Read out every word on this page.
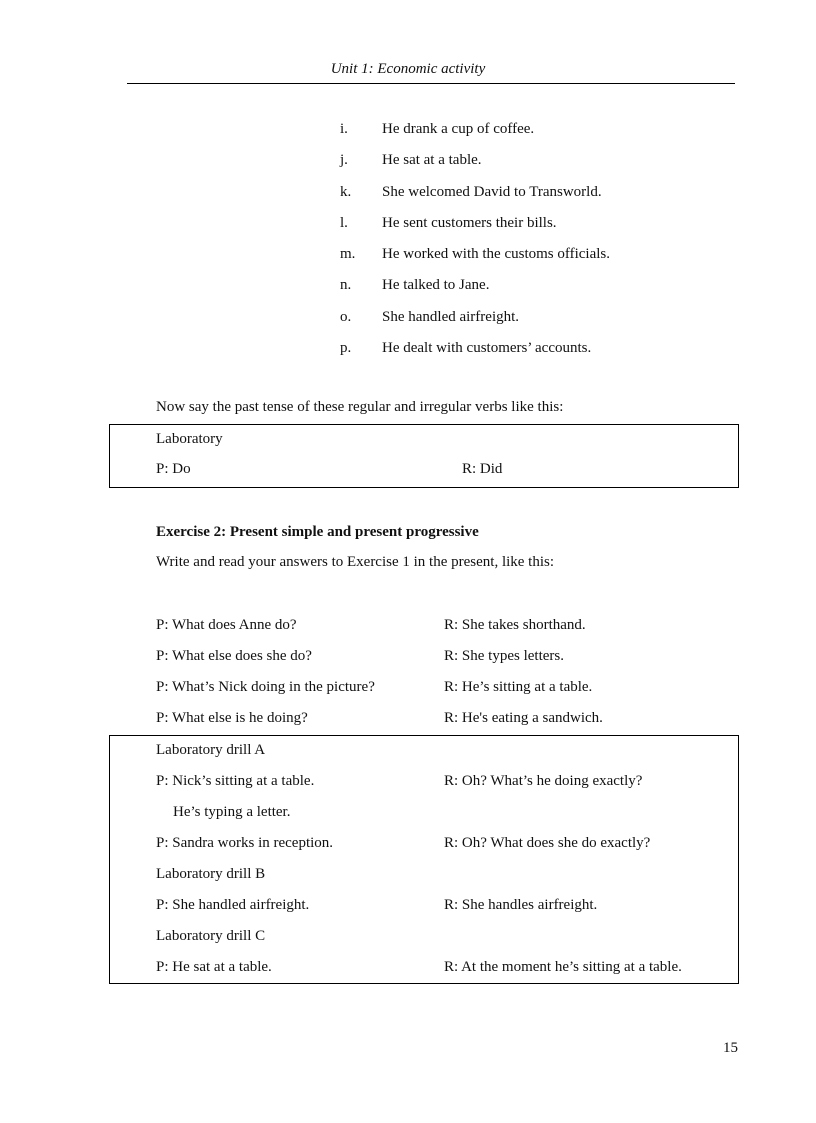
Unit 1: Economic activity
i. He drank a cup of coffee.
j. He sat at a table.
k. She welcomed David to Transworld.
l. He sent customers their bills.
m. He worked with the customs officials.
n. He talked to Jane.
o. She handled airfreight.
p. He dealt with customers’ accounts.
Now say the past tense of these regular and irregular verbs like this:
Laboratory
P: Do	R: Did
Exercise 2: Present simple and present progressive
Write and read your answers to Exercise 1 in the present, like this:
P: What does Anne do?	R: She takes shorthand.
P: What else does she do?	R: She types letters.
P: What’s Nick doing in the picture?	R: He’s sitting at a table.
P: What else is he doing?	R: He's eating a sandwich.
Laboratory drill A
P: Nick’s sitting at a table.	R: Oh? What’s he doing exactly?
He’s typing a letter.
P: Sandra works in reception.	R: Oh? What does she do exactly?
Laboratory drill B
P: She handled airfreight.	R: She handles airfreight.
Laboratory drill C
P: He sat at a table.	R: At the moment he’s sitting at a table.
15
